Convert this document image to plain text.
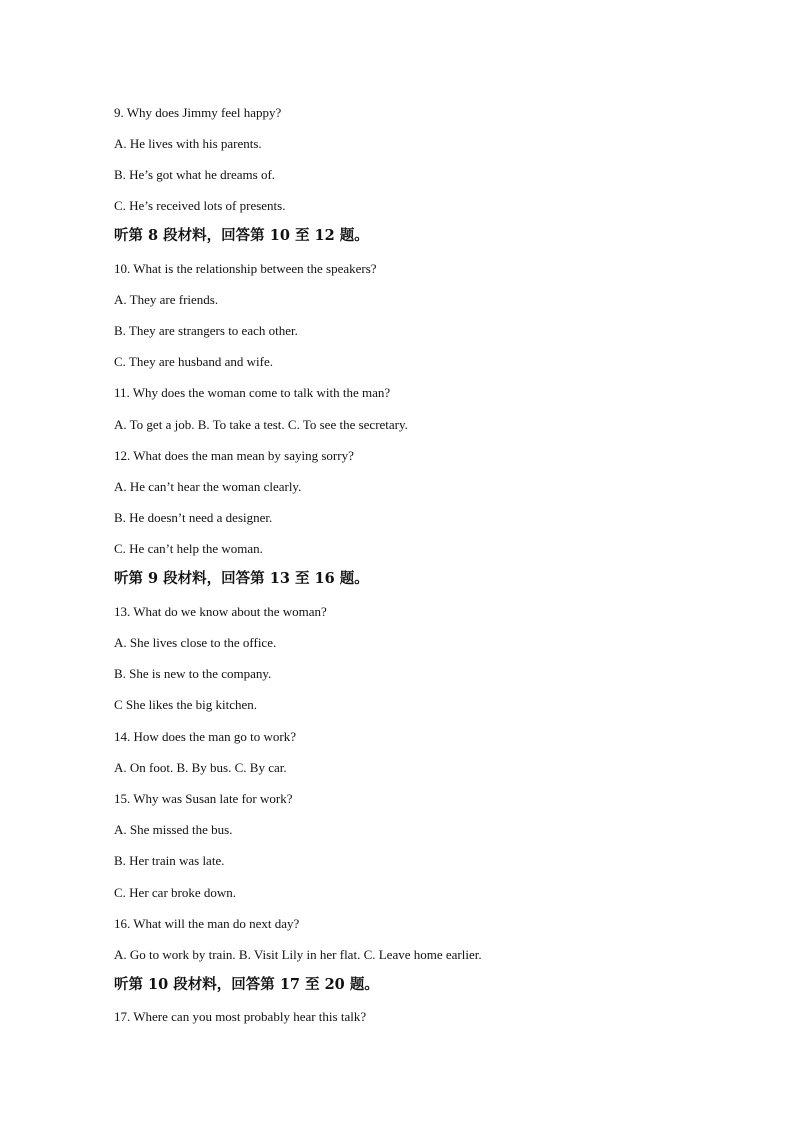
9. Why does Jimmy feel happy?
A. He lives with his parents.
B. He’s got what he dreams of.
C. He’s received lots of presents.
听第 8 段材料，回答第 10 至 12 题。
10. What is the relationship between the speakers?
A. They are friends.
B. They are strangers to each other.
C. They are husband and wife.
11. Why does the woman come to talk with the man?
A. To get a job. B. To take a test. C. To see the secretary.
12. What does the man mean by saying sorry?
A. He can’t hear the woman clearly.
B. He doesn’t need a designer.
C. He can’t help the woman.
听第 9 段材料，回答第 13 至 16 题。
13. What do we know about the woman?
A. She lives close to the office.
B. She is new to the company.
C She likes the big kitchen.
14. How does the man go to work?
A. On foot. B. By bus. C. By car.
15. Why was Susan late for work?
A. She missed the bus.
B. Her train was late.
C. Her car broke down.
16. What will the man do next day?
A. Go to work by train. B. Visit Lily in her flat. C. Leave home earlier.
听第 10 段材料，回答第 17 至 20 题。
17. Where can you most probably hear this talk?
